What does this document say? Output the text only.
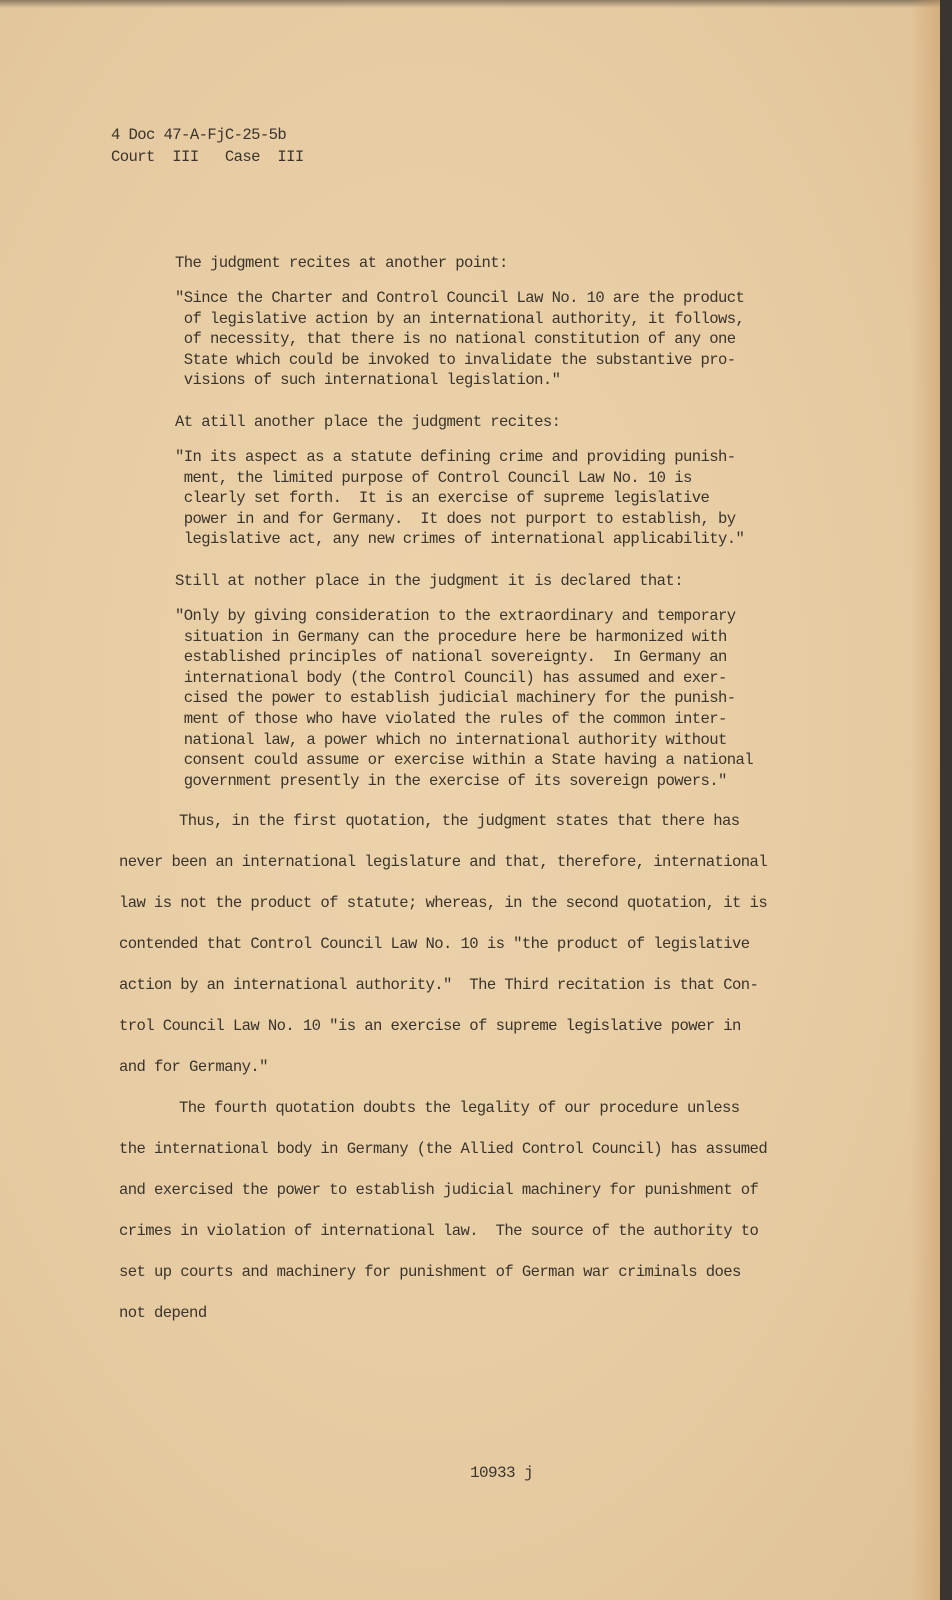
4 Doc 47-A-FjC-25-5b
Court  III   Case  III
The judgment recites at another point:
"Since the Charter and Control Council Law No. 10 are the product
of legislative action by an international authority, it follows,
of necessity, that there is no national constitution of any one
State which could be invoked to invalidate the substantive pro-
visions of such international legislation."
At atill another place the judgment recites:
"In its aspect as a statute defining crime and providing punish-
ment, the limited purpose of Control Council Law No. 10 is
clearly set forth.  It is an exercise of supreme legislative
power in and for Germany.  It does not purport to establish, by
legislative act, any new crimes of international applicability."
Still at nother place in the judgment it is declared that:
"Only by giving consideration to the extraordinary and temporary
situation in Germany can the procedure here be harmonized with
established principles of national sovereignty.  In Germany an
international body (the Control Council) has assumed and exer-
cised the power to establish judicial machinery for the punish-
ment of those who have violated the rules of the common inter-
national law, a power which no international authority without
consent could assume or exercise within a State having a national
government presently in the exercise of its sovereign powers."
Thus, in the first quotation, the judgment states that there has
never been an international legislature and that, therefore, international
law is not the product of statute; whereas, in the second quotation, it is
contended that Control Council Law No. 10 is "the product of legislative
action by an international authority."  The Third recitation is that Con-
trol Council Law No. 10 "is an exercise of supreme legislative power in
and for Germany."
The fourth quotation doubts the legality of our procedure unless
the international body in Germany (the Allied Control Council) has assumed
and exercised the power to establish judicial machinery for punishment of
crimes in violation of international law.  The source of the authority to
set up courts and machinery for punishment of German war criminals does
not depend
10933 j
